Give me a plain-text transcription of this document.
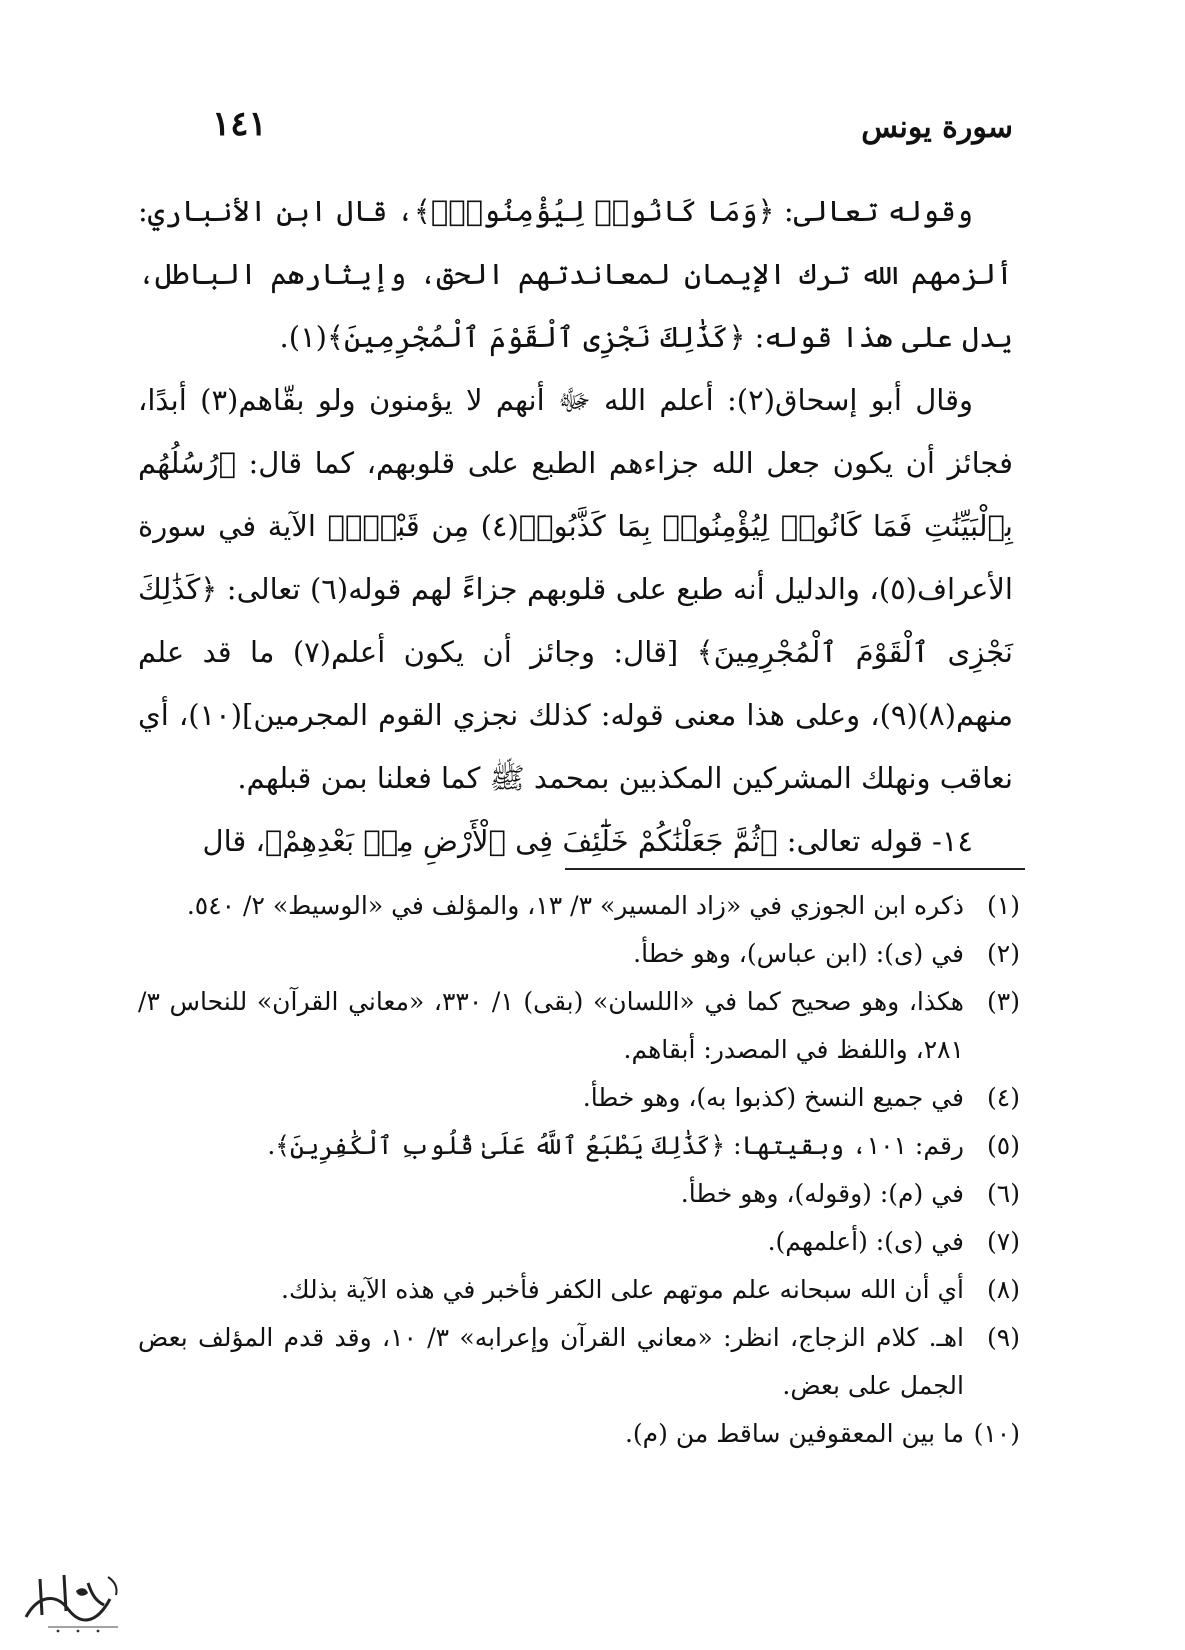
سورة يونس
١٤١

وقوله تعالى: ﴿وَمَا كَانُوا۟ لِيُؤْمِنُوا۟ۚ﴾، قال ابن الأنباري: ألزمهم الله ترك الإيمان لمعاندتهم الحق، وإيثارهم الباطل، يدل على هذا قوله: ﴿كَذَٰلِكَ نَجْزِى ٱلْقَوْمَ ٱلْمُجْرِمِينَ﴾(١).

وقال أبو إسحاق(٢): أعلم الله ﷻ أنهم لا يؤمنون ولو بقّاهم(٣) أبدًا، فجائز أن يكون جعل الله جزاءهم الطبع على قلوبهم، كما قال: ﴿رُسُلُهُم بِٱلْبَيِّنَٰتِ فَمَا كَانُوا۟ لِيُؤْمِنُوا۟ بِمَا كَذَّبُوا۟(٤) مِن قَبْلُۚ﴾ الآية في سورة الأعراف(٥)، والدليل أنه طبع على قلوبهم جزاءً لهم قوله(٦) تعالى: ﴿كَذَٰلِكَ نَجْزِى ٱلْقَوْمَ ٱلْمُجْرِمِينَ﴾ [قال: وجائز أن يكون أعلم(٧) ما قد علم منهم(٨)(٩)، وعلى هذا معنى قوله: كذلك نجزي القوم المجرمين](١٠)، أي نعاقب ونهلك المشركين المكذبين بمحمد ﷺ كما فعلنا بمن قبلهم.

١٤- قوله تعالى: ﴿ثُمَّ جَعَلْنَٰكُمْ خَلَٰٓئِفَ فِى ٱلْأَرْضِ مِنۢ بَعْدِهِمْ﴾، قال

(١)
ذكره ابن الجوزي في «زاد المسير» ٣/ ١٣، والمؤلف في «الوسيط» ٢/ ٥٤٠.
(٢)
في (ى): (ابن عباس)، وهو خطأ.
(٣)
هكذا، وهو صحيح كما في «اللسان» (بقى) ١/ ٣٣٠، «معاني القرآن» للنحاس ٣/ ٢٨١، واللفظ في المصدر: أبقاهم.
(٤)
في جميع النسخ (كذبوا به)، وهو خطأ.
(٥)
رقم: ١٠١، وبقيتها: ﴿كَذَٰلِكَ يَطْبَعُ ٱللَّهُ عَلَىٰ قُلُوبِ ٱلْكَٰفِرِينَ﴾.
(٦)
في (م): (وقوله)، وهو خطأ.
(٧)
في (ى): (أعلمهم).
(٨)
أي أن الله سبحانه علم موتهم على الكفر فأخبر في هذه الآية بذلك.
(٩)
اهـ. كلام الزجاج، انظر: «معاني القرآن وإعرابه» ٣/ ١٠، وقد قدم المؤلف بعض الجمل على بعض.
(١٠)
ما بين المعقوفين ساقط من (م).
